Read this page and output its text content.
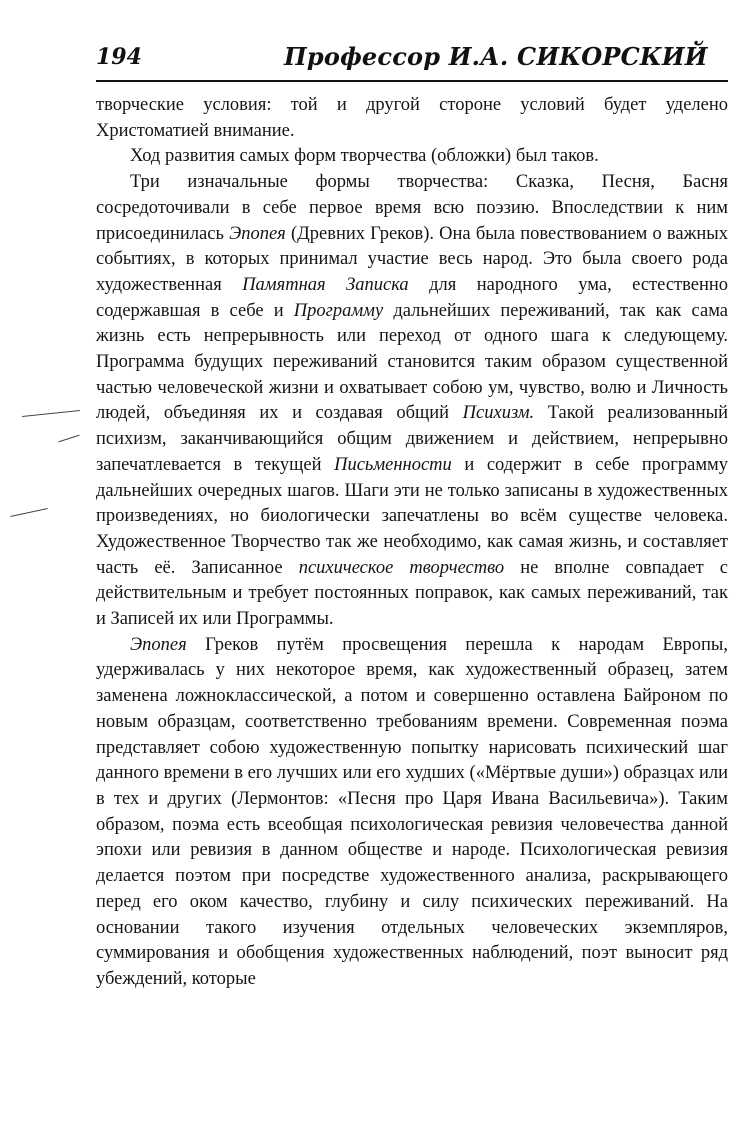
194	Профессор И.А. СИКОРСКИЙ

творческие условия: той и другой стороне условий будет уделено Христоматией внимание.

Ход развития самых форм творчества (обложки) был таков.

Три изначальные формы творчества: Сказка, Песня, Басня сосредоточивали в себе первое время всю поэзию. Впоследствии к ним присоединилась Эпопея (Древних Греков). Она была повествованием о важных событиях, в которых принимал участие весь народ. Это была своего рода художественная Памятная Записка для народного ума, естественно содержавшая в себе и Программу дальнейших переживаний, так как сама жизнь есть непрерывность или переход от одного шага к следующему. Программа будущих переживаний становится таким образом существенной частью человеческой жизни и охватывает собою ум, чувство, волю и Личность людей, объединяя их и создавая общий Психизм. Такой реализованный психизм, заканчивающийся общим движением и действием, непрерывно запечатлевается в текущей Письменности и содержит в себе программу дальнейших очередных шагов. Шаги эти не только записаны в художественных произведениях, но биологически запечатлены во всём существе человека. Художественное Творчество так же необходимо, как самая жизнь, и составляет часть её. Записанное психическое творчество не вполне совпадает с действительным и требует постоянных поправок, как самых переживаний, так и Записей их или Программы.

Эпопея Греков путём просвещения перешла к народам Европы, удерживалась у них некоторое время, как художественный образец, затем заменена ложноклассической, а потом и совершенно оставлена Байроном по новым образцам, соответственно требованиям времени. Современная поэма представляет собою художественную попытку нарисовать психический шаг данного времени в его лучших или его худших («Мёртвые души») образцах или в тех и других (Лермонтов: «Песня про Царя Ивана Васильевича»). Таким образом, поэма есть всеобщая психологическая ревизия человечества данной эпохи или ревизия в данном обществе и народе. Психологическая ревизия делается поэтом при посредстве художественного анализа, раскрывающего перед его оком качество, глубину и силу психических переживаний. На основании такого изучения отдельных человеческих экземпляров, суммирования и обобщения художественных наблюдений, поэт выносит ряд убеждений, которые
